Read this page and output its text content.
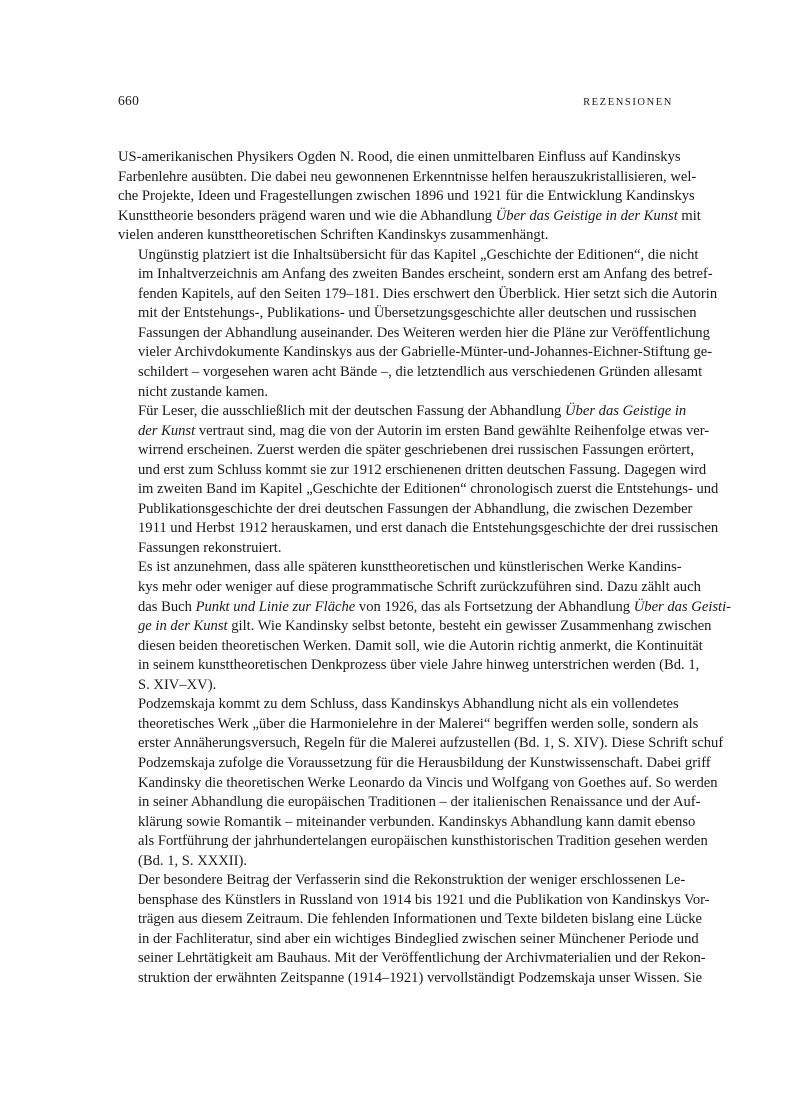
660	REZENSIONEN

US-amerikanischen Physikers Ogden N. Rood, die einen unmittelbaren Einfluss auf Kandinskys
Farbenlehre ausübten. Die dabei neu gewonnenen Erkenntnisse helfen herauszukristallisieren, wel-
che Projekte, Ideen und Fragestellungen zwischen 1896 und 1921 für die Entwicklung Kandinskys
Kunsttheorie besonders prägend waren und wie die Abhandlung Über das Geistige in der Kunst mit
vielen anderen kunsttheoretischen Schriften Kandinskys zusammenhängt.

Ungünstig platziert ist die Inhaltsübersicht für das Kapitel „Geschichte der Editionen“, die nicht
im Inhaltverzeichnis am Anfang des zweiten Bandes erscheint, sondern erst am Anfang des betref-
fenden Kapitels, auf den Seiten 179–181. Dies erschwert den Überblick. Hier setzt sich die Autorin
mit der Entstehungs-, Publikations- und Übersetzungsgeschichte aller deutschen und russischen
Fassungen der Abhandlung auseinander. Des Weiteren werden hier die Pläne zur Veröffentlichung
vieler Archivdokumente Kandinskys aus der Gabrielle-Münter-und-Johannes-Eichner-Stiftung ge-
schildert – vorgesehen waren acht Bände –, die letztendlich aus verschiedenen Gründen allesamt
nicht zustande kamen.

Für Leser, die ausschließlich mit der deutschen Fassung der Abhandlung Über das Geistige in
der Kunst vertraut sind, mag die von der Autorin im ersten Band gewählte Reihenfolge etwas ver-
wirrend erscheinen. Zuerst werden die später geschriebenen drei russischen Fassungen erörtert,
und erst zum Schluss kommt sie zur 1912 erschienenen dritten deutschen Fassung. Dagegen wird
im zweiten Band im Kapitel „Geschichte der Editionen“ chronologisch zuerst die Entstehungs- und
Publikationsgeschichte der drei deutschen Fassungen der Abhandlung, die zwischen Dezember
1911 und Herbst 1912 herauskamen, und erst danach die Entstehungsgeschichte der drei russischen
Fassungen rekonstruiert.

Es ist anzunehmen, dass alle späteren kunsttheoretischen und künstlerischen Werke Kandins-
kys mehr oder weniger auf diese programmatische Schrift zurückzuführen sind. Dazu zählt auch
das Buch Punkt und Linie zur Fläche von 1926, das als Fortsetzung der Abhandlung Über das Geisti-
ge in der Kunst gilt. Wie Kandinsky selbst betonte, besteht ein gewisser Zusammenhang zwischen
diesen beiden theoretischen Werken. Damit soll, wie die Autorin richtig anmerkt, die Kontinuität
in seinem kunsttheoretischen Denkprozess über viele Jahre hinweg unterstrichen werden (Bd. 1,
S. XIV–XV).

Podzemskaja kommt zu dem Schluss, dass Kandinskys Abhandlung nicht als ein vollendetes
theoretisches Werk „über die Harmonielehre in der Malerei“ begriffen werden solle, sondern als
erster Annäherungsversuch, Regeln für die Malerei aufzustellen (Bd. 1, S. XIV). Diese Schrift schuf
Podzemskaja zufolge die Voraussetzung für die Herausbildung der Kunstwissenschaft. Dabei griff
Kandinsky die theoretischen Werke Leonardo da Vincis und Wolfgang von Goethes auf. So werden
in seiner Abhandlung die europäischen Traditionen – der italienischen Renaissance und der Auf-
klärung sowie Romantik – miteinander verbunden. Kandinskys Abhandlung kann damit ebenso
als Fortführung der jahrhundertelangen europäischen kunsthistorischen Tradition gesehen werden
(Bd. 1, S. XXXII).

Der besondere Beitrag der Verfasserin sind die Rekonstruktion der weniger erschlossenen Le-
bensphase des Künstlers in Russland von 1914 bis 1921 und die Publikation von Kandinskys Vor-
trägen aus diesem Zeitraum. Die fehlenden Informationen und Texte bildeten bislang eine Lücke
in der Fachliteratur, sind aber ein wichtiges Bindeglied zwischen seiner Münchener Periode und
seiner Lehrtätigkeit am Bauhaus. Mit der Veröffentlichung der Archivmaterialien und der Rekon-
struktion der erwähnten Zeitspanne (1914–1921) vervollständigt Podzemskaja unser Wissen. Sie
